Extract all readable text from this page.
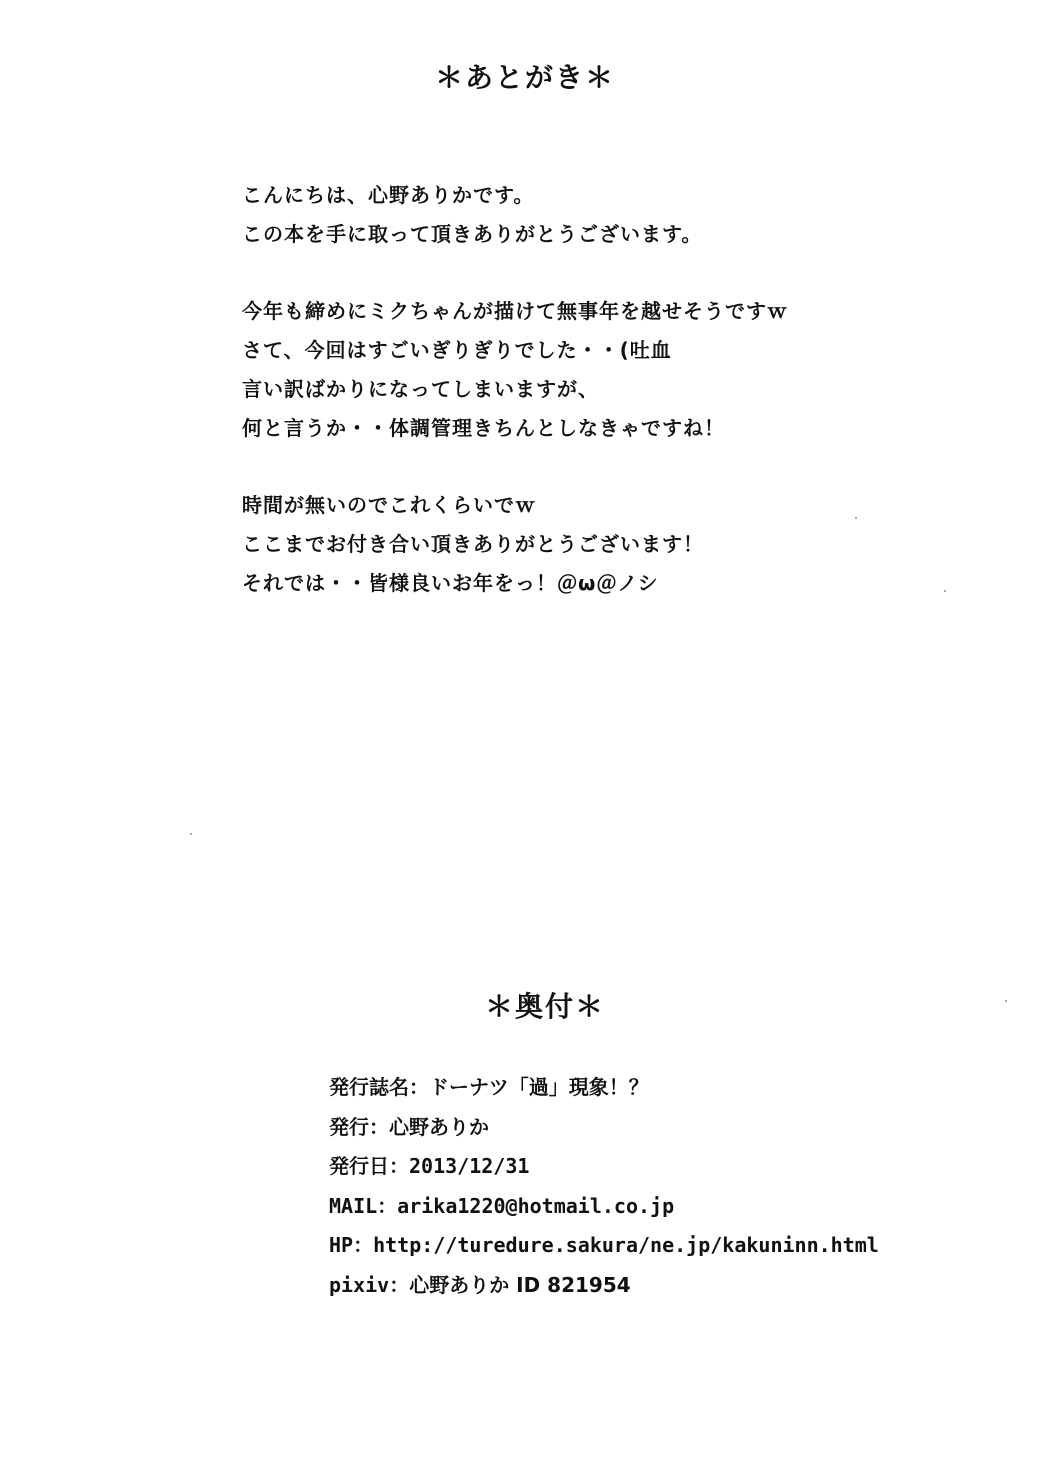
＊あとがき＊
こんにちは、心野ありかです。
この本を手に取って頂きありがとうございます。
今年も締めにミクちゃんが描けて無事年を越せそうですｗ
さて、今回はすごいぎりぎりでした・・(吐血
言い訳ばかりになってしまいますが、
何と言うか・・体調管理きちんとしなきゃですね！
時間が無いのでこれくらいでｗ
ここまでお付き合い頂きありがとうございます！
それでは・・皆様良いお年をっ！＠ω＠ノシ
＊奥付＊
発行誌名：ドーナツ「過」現象！？
発行：心野ありか
発行日：2013/12/31
MAIL：arika1220@hotmail.co.jp
HP：http://turedure.sakura/ne.jp/kakuninn.html
pixiv：心野ありか ID 821954
